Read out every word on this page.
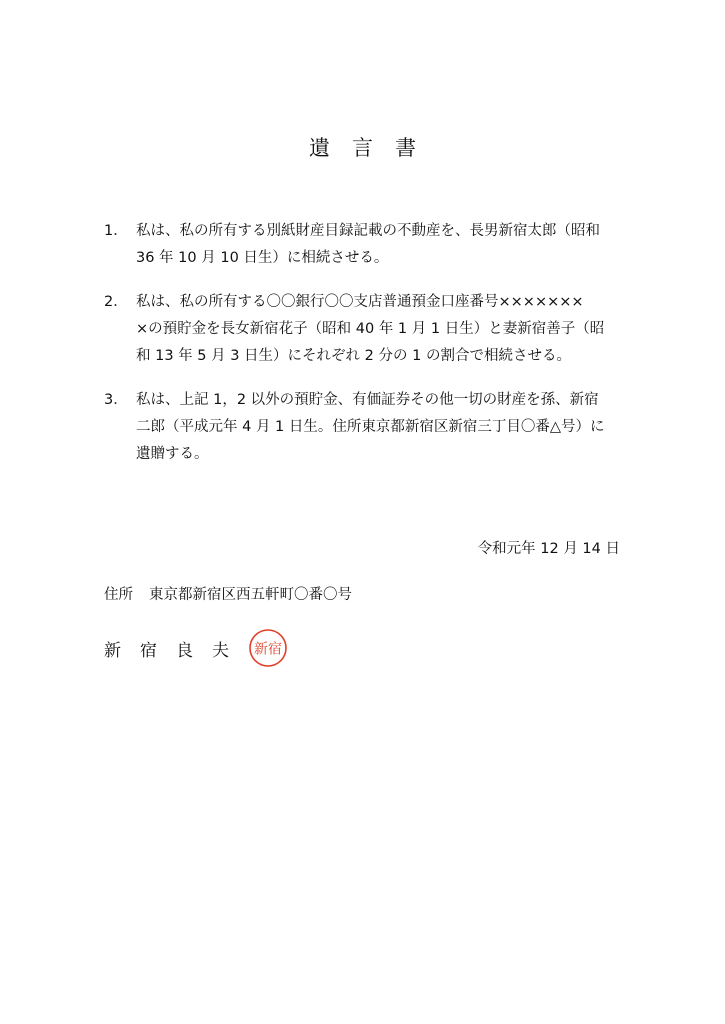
遺言書
1． 私は、私の所有する別紙財産目録記載の不動産を、長男新宿太郎（昭和
36 年 10 月 10 日生）に相続させる。
2． 私は、私の所有する〇〇銀行〇〇支店普通預金口座番号×××××××
×の預貯金を長女新宿花子（昭和 40 年 1 月 1 日生）と妻新宿善子（昭
和 13 年 5 月 3 日生）にそれぞれ 2 分の 1 の割合で相続させる。
3． 私は、上記 1，2 以外の預貯金、有価証券その他一切の財産を孫、新宿
二郎（平成元年 4 月 1 日生。住所東京都新宿区新宿三丁目〇番△号）に
遺贈する。
令和元年 12 月 14 日
住所 東京都新宿区西五軒町〇番〇号
新宿良夫 新宿
